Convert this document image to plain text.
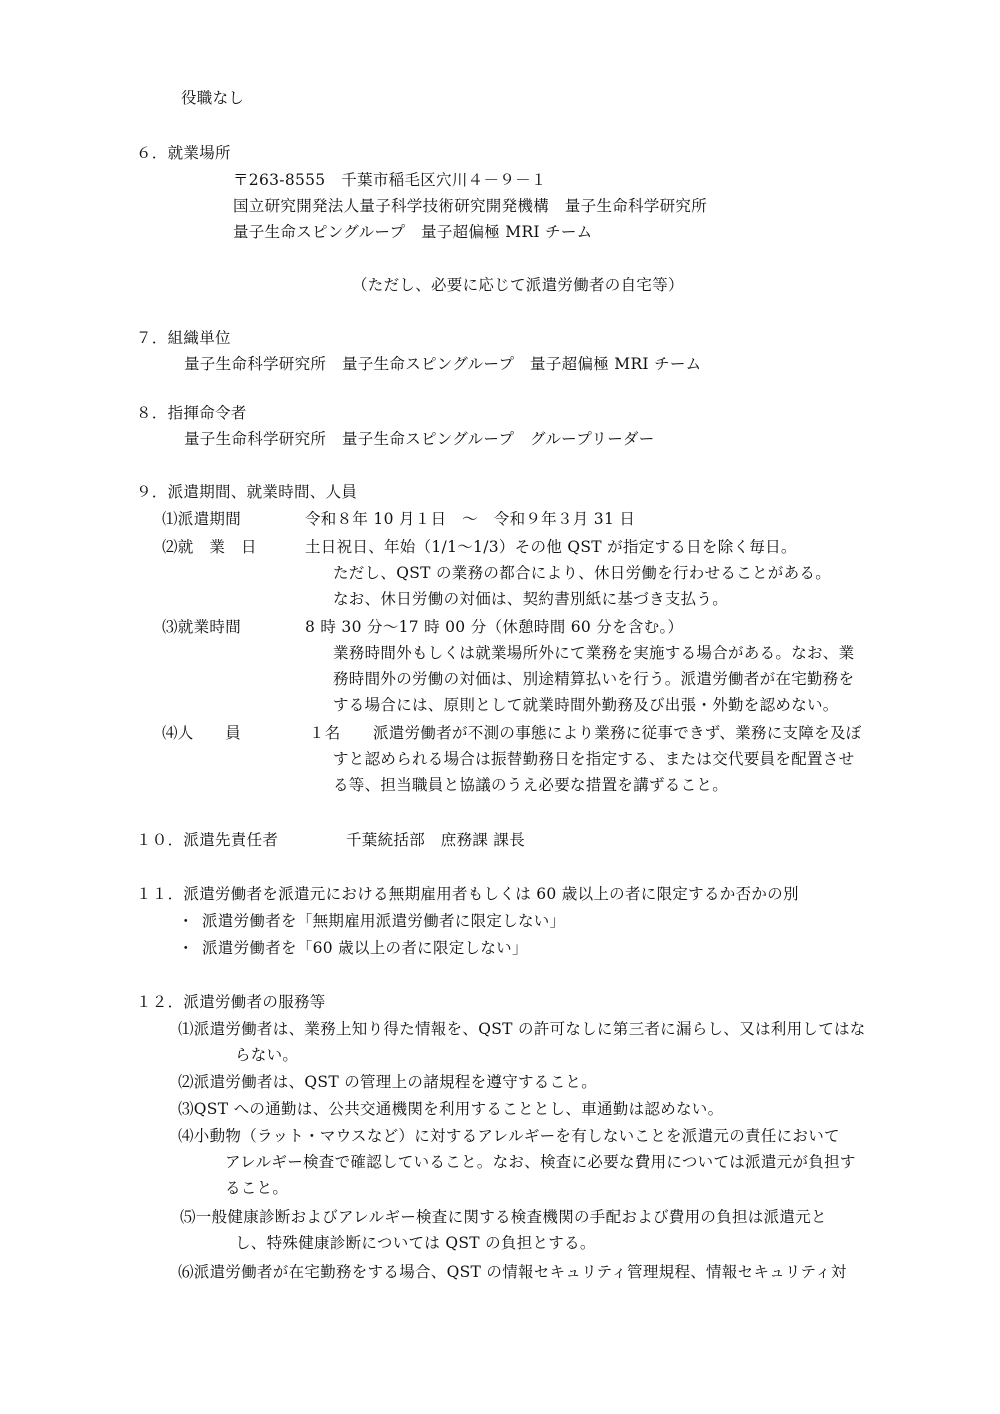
役職なし
６．就業場所
〒263-8555　千葉市稲毛区穴川４－９－１
国立研究開発法人量子科学技術研究開発機構　量子生命科学研究所
量子生命スピングループ　量子超偏極 MRI チーム
（ただし、必要に応じて派遣労働者の自宅等）
７．組織単位
量子生命科学研究所　量子生命スピングループ　量子超偏極 MRI チーム
８．指揮命令者
量子生命科学研究所　量子生命スピングループ　グループリーダー
９．派遣期間、就業時間、人員
⑴派遣期間	令和８年 10 月１日　～　令和９年３月 31 日
⑵就　業　日	土日祝日、年始（1/1～1/3）その他 QST が指定する日を除く毎日。
ただし、QST の業務の都合により、休日労働を行わせることがある。
なお、休日労働の対価は、契約書別紙に基づき支払う。
⑶就業時間	8 時 30 分～17 時 00 分（休憩時間 60 分を含む。）
業務時間外もしくは就業場所外にて業務を実施する場合がある。なお、業
務時間外の労働の対価は、別途精算払いを行う。派遣労働者が在宅勤務を
する場合には、原則として就業時間外勤務及び出張・外勤を認めない。
⑷人　　員	１名 派遣労働者が不測の事態により業務に従事できず、業務に支障を及ぼ
すと認められる場合は振替勤務日を指定する、または交代要員を配置させ
る等、担当職員と協議のうえ必要な措置を講ずること。
１０．派遣先責任者	千葉統括部　庶務課 課長
１１．派遣労働者を派遣元における無期雇用者もしくは 60 歳以上の者に限定するか否かの別
・ 派遣労働者を「無期雇用派遣労働者に限定しない」
・ 派遣労働者を「60 歳以上の者に限定しない」
１２．派遣労働者の服務等
⑴派遣労働者は、業務上知り得た情報を、QST の許可なしに第三者に漏らし、又は利用してはな
らない。
⑵派遣労働者は、QST の管理上の諸規程を遵守すること。
⑶QST への通勤は、公共交通機関を利用することとし、車通勤は認めない。
⑷小動物（ラット・マウスなど）に対するアレルギーを有しないことを派遣元の責任において
アレルギー検査で確認していること。なお、検査に必要な費用については派遣元が負担す
ること。
⑸一般健康診断およびアレルギー検査に関する検査機関の手配および費用の負担は派遣元と
し、特殊健康診断については QST の負担とする。
⑹派遣労働者が在宅勤務をする場合、QST の情報セキュリティ管理規程、情報セキュリティ対
